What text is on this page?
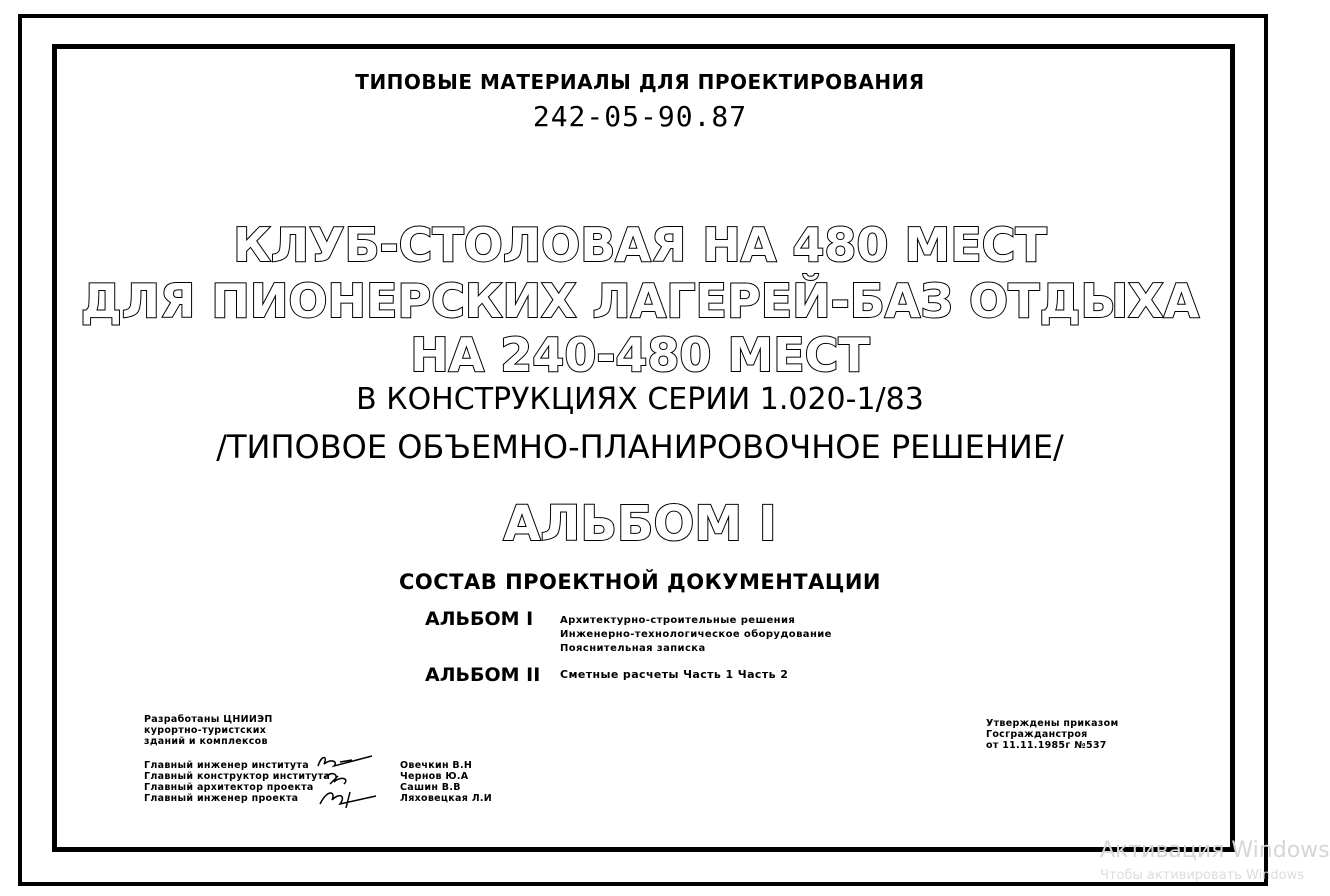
ТИПОВЫЕ МАТЕРИАЛЫ ДЛЯ ПРОЕКТИРОВАНИЯ
242-05-90.87
КЛУБ-СТОЛОВАЯ НА 480 МЕСТ
ДЛЯ ПИОНЕРСКИХ ЛАГЕРЕЙ-БАЗ ОТДЫХА
НА 240-480 МЕСТ
В КОНСТРУКЦИЯХ СЕРИИ 1.020-1/83
/ТИПОВОЕ ОБЪЕМНО-ПЛАНИРОВОЧНОЕ РЕШЕНИЕ/
АЛЬБОМ I
СОСТАВ ПРОЕКТНОЙ ДОКУМЕНТАЦИИ
АЛЬБОМ I	Архитектурно-строительные решения
Инженерно-технологическое оборудование
Пояснительная записка
АЛЬБОМ II Сметные расчеты Часть 1 Часть 2
Разработаны ЦНИИЭП
курортно-туристских
зданий и комплексов
Главный инженер института
Главный конструктор института
Главный архитектор проекта
Главный инженер проекта
Овечкин В.Н
Чернов Ю.А
Сашин В.В
Ляховецкая Л.И
Утверждены приказом
Госгражданстроя
от 11.11.1985г №537
Активация Windows
Чтобы активировать Windows
